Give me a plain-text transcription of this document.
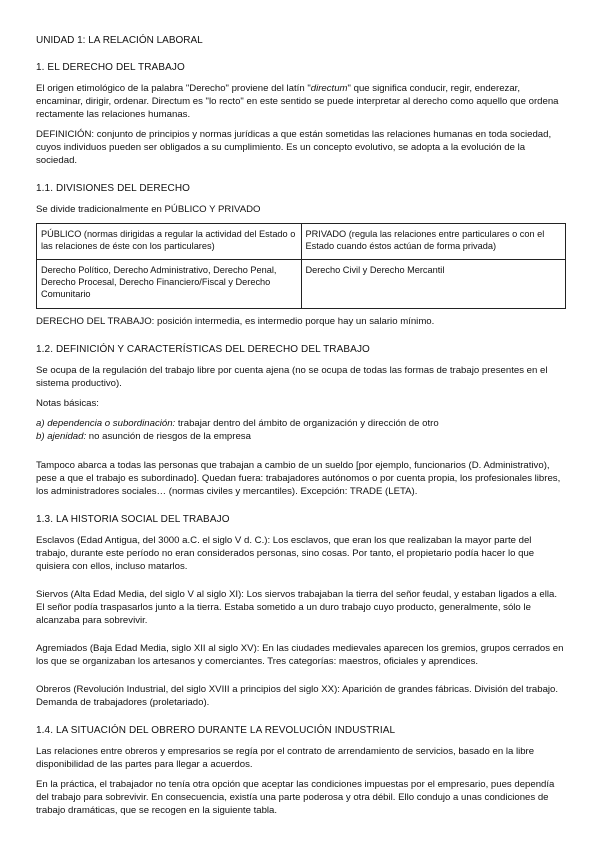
UNIDAD 1: LA RELACIÓN LABORAL
1. EL DERECHO DEL TRABAJO

El origen etimológico de la palabra "Derecho" proviene del latín "directum" que significa conducir, regir, enderezar, encaminar, dirigir, ordenar. Directum es "lo recto" en este sentido se puede interpretar al derecho como aquello que ordena rectamente las relaciones humanas.

DEFINICIÓN: conjunto de principios y normas jurídicas a que están sometidas las relaciones humanas en toda sociedad, cuyos individuos pueden ser obligados a su cumplimiento. Es un concepto evolutivo, se adopta a la evolución de la sociedad.

1.1. DIVISIONES DEL DERECHO

Se divide tradicionalmente en PÚBLICO Y PRIVADO

PÚBLICO (normas dirigidas a regular la actividad del Estado o las relaciones de éste con los particulares)	PRIVADO (regula las relaciones entre particulares o con el Estado cuando éstos actúan de forma privada)
Derecho Político, Derecho Administrativo, Derecho Penal, Derecho Procesal, Derecho Financiero/Fiscal y Derecho Comunitario	Derecho Civil y Derecho Mercantil

DERECHO DEL TRABAJO: posición intermedia, es intermedio porque hay un salario mínimo.

1.2. DEFINICIÓN Y CARACTERÍSTICAS DEL DERECHO DEL TRABAJO

Se ocupa de la regulación del trabajo libre por cuenta ajena (no se ocupa de todas las formas de trabajo presentes en el sistema productivo).

Notas básicas:

a) dependencia o subordinación: trabajar dentro del ámbito de organización y dirección de otro

b) ajenidad: no asunción de riesgos de la empresa

Tampoco abarca a todas las personas que trabajan a cambio de un sueldo [por ejemplo, funcionarios (D. Administrativo), pese a que el trabajo es subordinado]. Quedan fuera: trabajadores autónomos o por cuenta propia, los profesionales libres, los administradores sociales… (normas civiles y mercantiles). Excepción: TRADE (LETA).

1.3. LA HISTORIA SOCIAL DEL TRABAJO

Esclavos (Edad Antigua, del 3000 a.C. el siglo V d. C.): Los esclavos, que eran los que realizaban la mayor parte del trabajo, durante este período no eran considerados personas, sino cosas. Por tanto, el propietario podía hacer lo que quisiera con ellos, incluso matarlos.

Siervos (Alta Edad Media, del siglo V al siglo XI): Los siervos trabajaban la tierra del señor feudal, y estaban ligados a ella. El señor podía traspasarlos junto a la tierra. Estaba sometido a un duro trabajo cuyo producto, generalmente, sólo le alcanzaba para sobrevivir.

Agremiados (Baja Edad Media, siglo XII al siglo XV): En las ciudades medievales aparecen los gremios, grupos cerrados en los que se organizaban los artesanos y comerciantes. Tres categorías: maestros, oficiales y aprendices.

Obreros (Revolución Industrial, del siglo XVIII a principios del siglo XX): Aparición de grandes fábricas. División del trabajo. Demanda de trabajadores (proletariado).

1.4. LA SITUACIÓN DEL OBRERO DURANTE LA REVOLUCIÓN INDUSTRIAL

Las relaciones entre obreros y empresarios se regía por el contrato de arrendamiento de servicios, basado en la libre disponibilidad de las partes para llegar a acuerdos.

En la práctica, el trabajador no tenía otra opción que aceptar las condiciones impuestas por el empresario, pues dependía del trabajo para sobrevivir. En consecuencia, existía una parte poderosa y otra débil. Ello condujo a unas condiciones de trabajo dramáticas, que se recogen en la siguiente tabla.
